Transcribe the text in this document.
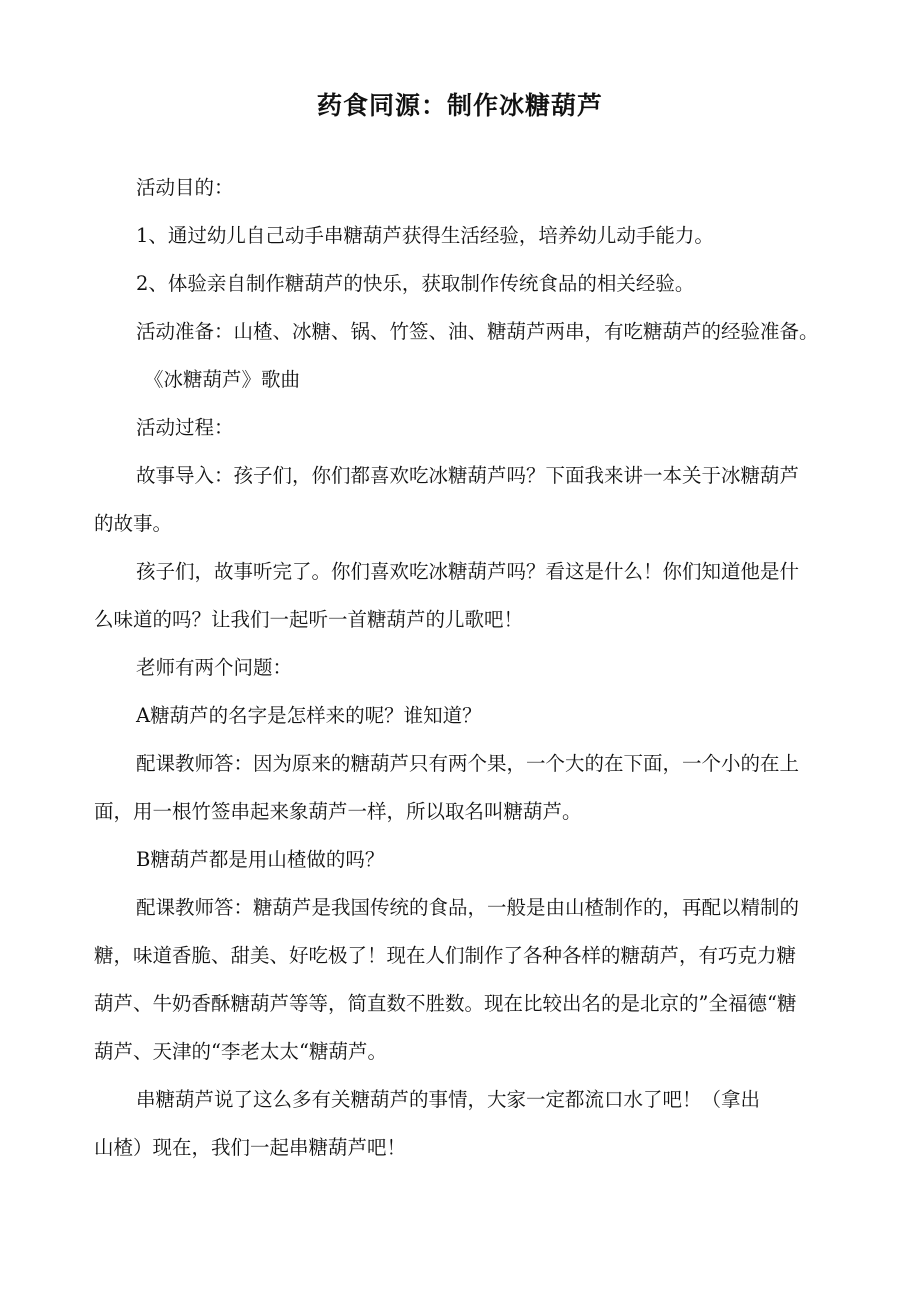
药食同源：制作冰糖葫芦
活动目的：
1、通过幼儿自己动手串糖葫芦获得生活经验，培养幼儿动手能力。
2、体验亲自制作糖葫芦的快乐，获取制作传统食品的相关经验。
活动准备：山楂、冰糖、锅、竹签、油、糖葫芦两串，有吃糖葫芦的经验准备。
《冰糖葫芦》歌曲
活动过程：
故事导入：孩子们，你们都喜欢吃冰糖葫芦吗？下面我来讲一本关于冰糖葫芦
的故事。
孩子们，故事听完了。你们喜欢吃冰糖葫芦吗？看这是什么！你们知道他是什
么味道的吗？让我们一起听一首糖葫芦的儿歌吧！
老师有两个问题：
A糖葫芦的名字是怎样来的呢？谁知道？
配课教师答：因为原来的糖葫芦只有两个果，一个大的在下面，一个小的在上
面，用一根竹签串起来象葫芦一样，所以取名叫糖葫芦。
B糖葫芦都是用山楂做的吗？
配课教师答：糖葫芦是我国传统的食品，一般是由山楂制作的，再配以精制的
糖，味道香脆、甜美、好吃极了！现在人们制作了各种各样的糖葫芦，有巧克力糖
葫芦、牛奶香酥糖葫芦等等，简直数不胜数。现在比较出名的是北京的”全福德“糖
葫芦、天津的“李老太太“糖葫芦。
串糖葫芦说了这么多有关糖葫芦的事情，大家一定都流口水了吧！（拿出
山楂）现在，我们一起串糖葫芦吧！
